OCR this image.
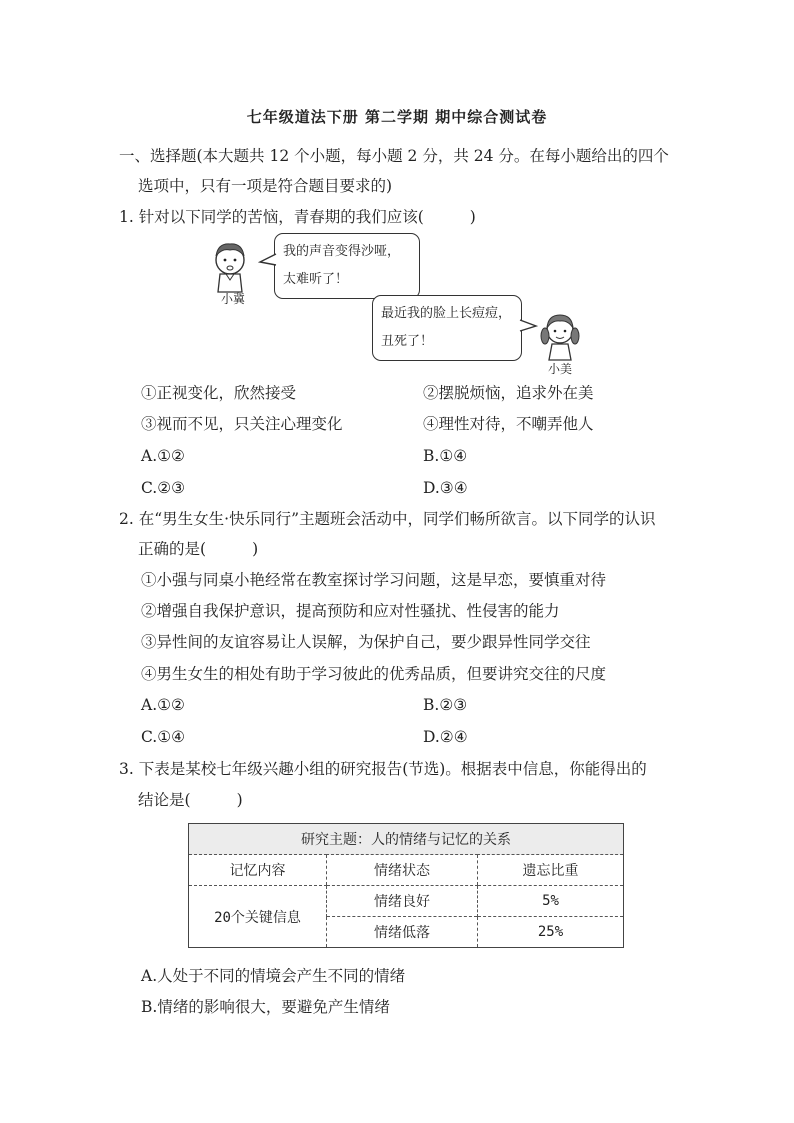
七年级道法下册 第二学期 期中综合测试卷
一、选择题(本大题共 12 个小题，每小题 2 分，共 24 分。在每小题给出的四个
选项中，只有一项是符合题目要求的)
1. 针对以下同学的苦恼，青春期的我们应该(	)
小冀
我的声音变得沙哑，
太难听了！
最近我的脸上长痘痘，
丑死了！
小美
①正视变化，欣然接受	②摆脱烦恼，追求外在美
③视而不见，只关注心理变化	④理性对待，不嘲弄他人
A.①②	B.①④
C.②③	D.③④
2. 在“男生女生·快乐同行”主题班会活动中，同学们畅所欲言。以下同学的认识
正确的是(	)
①小强与同桌小艳经常在教室探讨学习问题，这是早恋，要慎重对待
②增强自我保护意识，提高预防和应对性骚扰、性侵害的能力
③异性间的友谊容易让人误解，为保护自己，要少跟异性同学交往
④男生女生的相处有助于学习彼此的优秀品质，但要讲究交往的尺度
A.①②	B.②③
C.①④	D.②④
3. 下表是某校七年级兴趣小组的研究报告(节选)。根据表中信息，你能得出的
结论是(	)
研究主题：人的情绪与记忆的关系		
记忆内容	情绪状态	遗忘比重
20个关键信息	情绪良好	5%
	情绪低落	25%
A.人处于不同的情境会产生不同的情绪
B.情绪的影响很大，要避免产生情绪
